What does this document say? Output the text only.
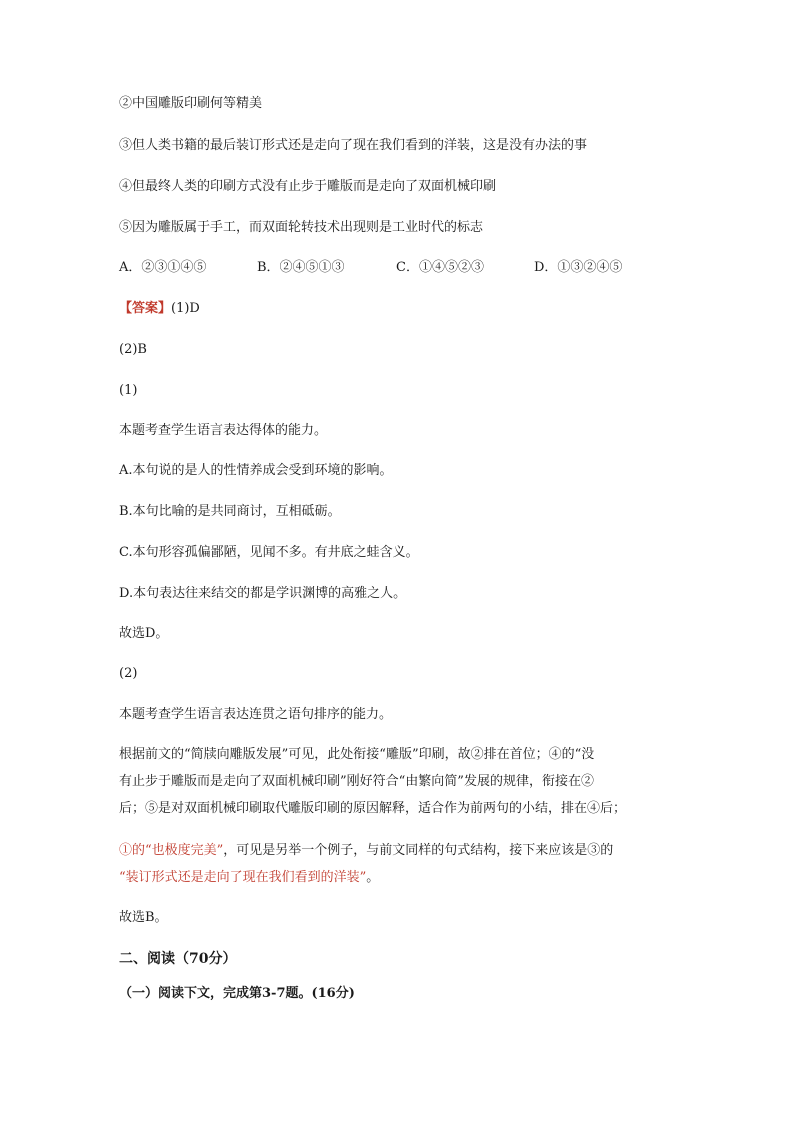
②中国雕版印刷何等精美
③但人类书籍的最后装订形式还是走向了现在我们看到的洋装，这是没有办法的事
④但最终人类的印刷方式没有止步于雕版而是走向了双面机械印刷
⑤因为雕版属于手工，而双面轮转技术出现则是工业时代的标志
A．②③①④⑤	B．②④⑤①③	C．①④⑤②③	D．①③②④⑤
【答案】(1)D
(2)B
(1)
本题考查学生语言表达得体的能力。
A.本句说的是人的性情养成会受到环境的影响。
B.本句比喻的是共同商讨，互相砥砺。
C.本句形容孤偏鄙陋，见闻不多。有井底之蛙含义。
D.本句表达往来结交的都是学识渊博的高雅之人。
故选D。
(2)
本题考查学生语言表达连贯之语句排序的能力。
根据前文的“简牍向雕版发展”可见，此处衔接“雕版”印刷，故②排在首位；④的“没
有止步于雕版而是走向了双面机械印刷”刚好符合“由繁向简”发展的规律，衔接在②
后；⑤是对双面机械印刷取代雕版印刷的原因解释，适合作为前两句的小结，排在④后；
①的“也极度完美”，可见是另举一个例子，与前文同样的句式结构，接下来应该是③的
“装订形式还是走向了现在我们看到的洋装”。
故选B。
二、阅读（70分）
（一）阅读下文，完成第3-7题。(16分)
